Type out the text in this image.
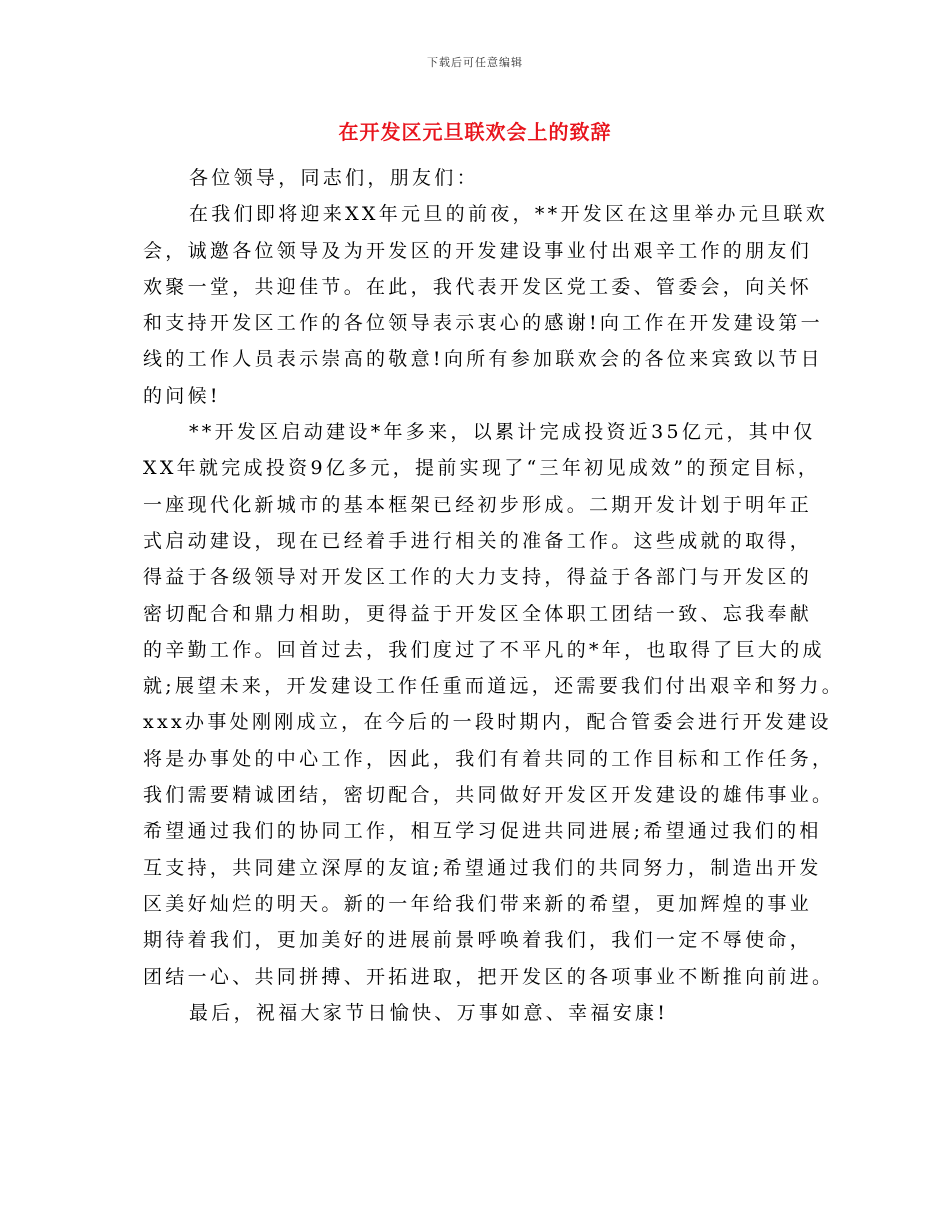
下载后可任意编辑
在开发区元旦联欢会上的致辞

各位领导，同志们，朋友们：

在我们即将迎来XX年元旦的前夜，**开发区在这里举办元旦联欢
会，诚邀各位领导及为开发区的开发建设事业付出艰辛工作的朋友们
欢聚一堂，共迎佳节。在此，我代表开发区党工委、管委会，向关怀
和支持开发区工作的各位领导表示衷心的感谢!向工作在开发建设第一
线的工作人员表示崇高的敬意!向所有参加联欢会的各位来宾致以节日
的问候!

**开发区启动建设*年多来，以累计完成投资近35亿元，其中仅
XX年就完成投资9亿多元，提前实现了“三年初见成效”的预定目标，
一座现代化新城市的基本框架已经初步形成。二期开发计划于明年正
式启动建设，现在已经着手进行相关的准备工作。这些成就的取得，
得益于各级领导对开发区工作的大力支持，得益于各部门与开发区的
密切配合和鼎力相助，更得益于开发区全体职工团结一致、忘我奉献
的辛勤工作。回首过去，我们度过了不平凡的*年，也取得了巨大的成
就;展望未来，开发建设工作任重而道远，还需要我们付出艰辛和努力。
xxx办事处刚刚成立，在今后的一段时期内，配合管委会进行开发建设
将是办事处的中心工作，因此，我们有着共同的工作目标和工作任务，
我们需要精诚团结，密切配合，共同做好开发区开发建设的雄伟事业。
希望通过我们的协同工作，相互学习促进共同进展;希望通过我们的相
互支持，共同建立深厚的友谊;希望通过我们的共同努力，制造出开发
区美好灿烂的明天。新的一年给我们带来新的希望，更加辉煌的事业
期待着我们，更加美好的进展前景呼唤着我们，我们一定不辱使命，
团结一心、共同拼搏、开拓进取，把开发区的各项事业不断推向前进。

最后，祝福大家节日愉快、万事如意、幸福安康!
